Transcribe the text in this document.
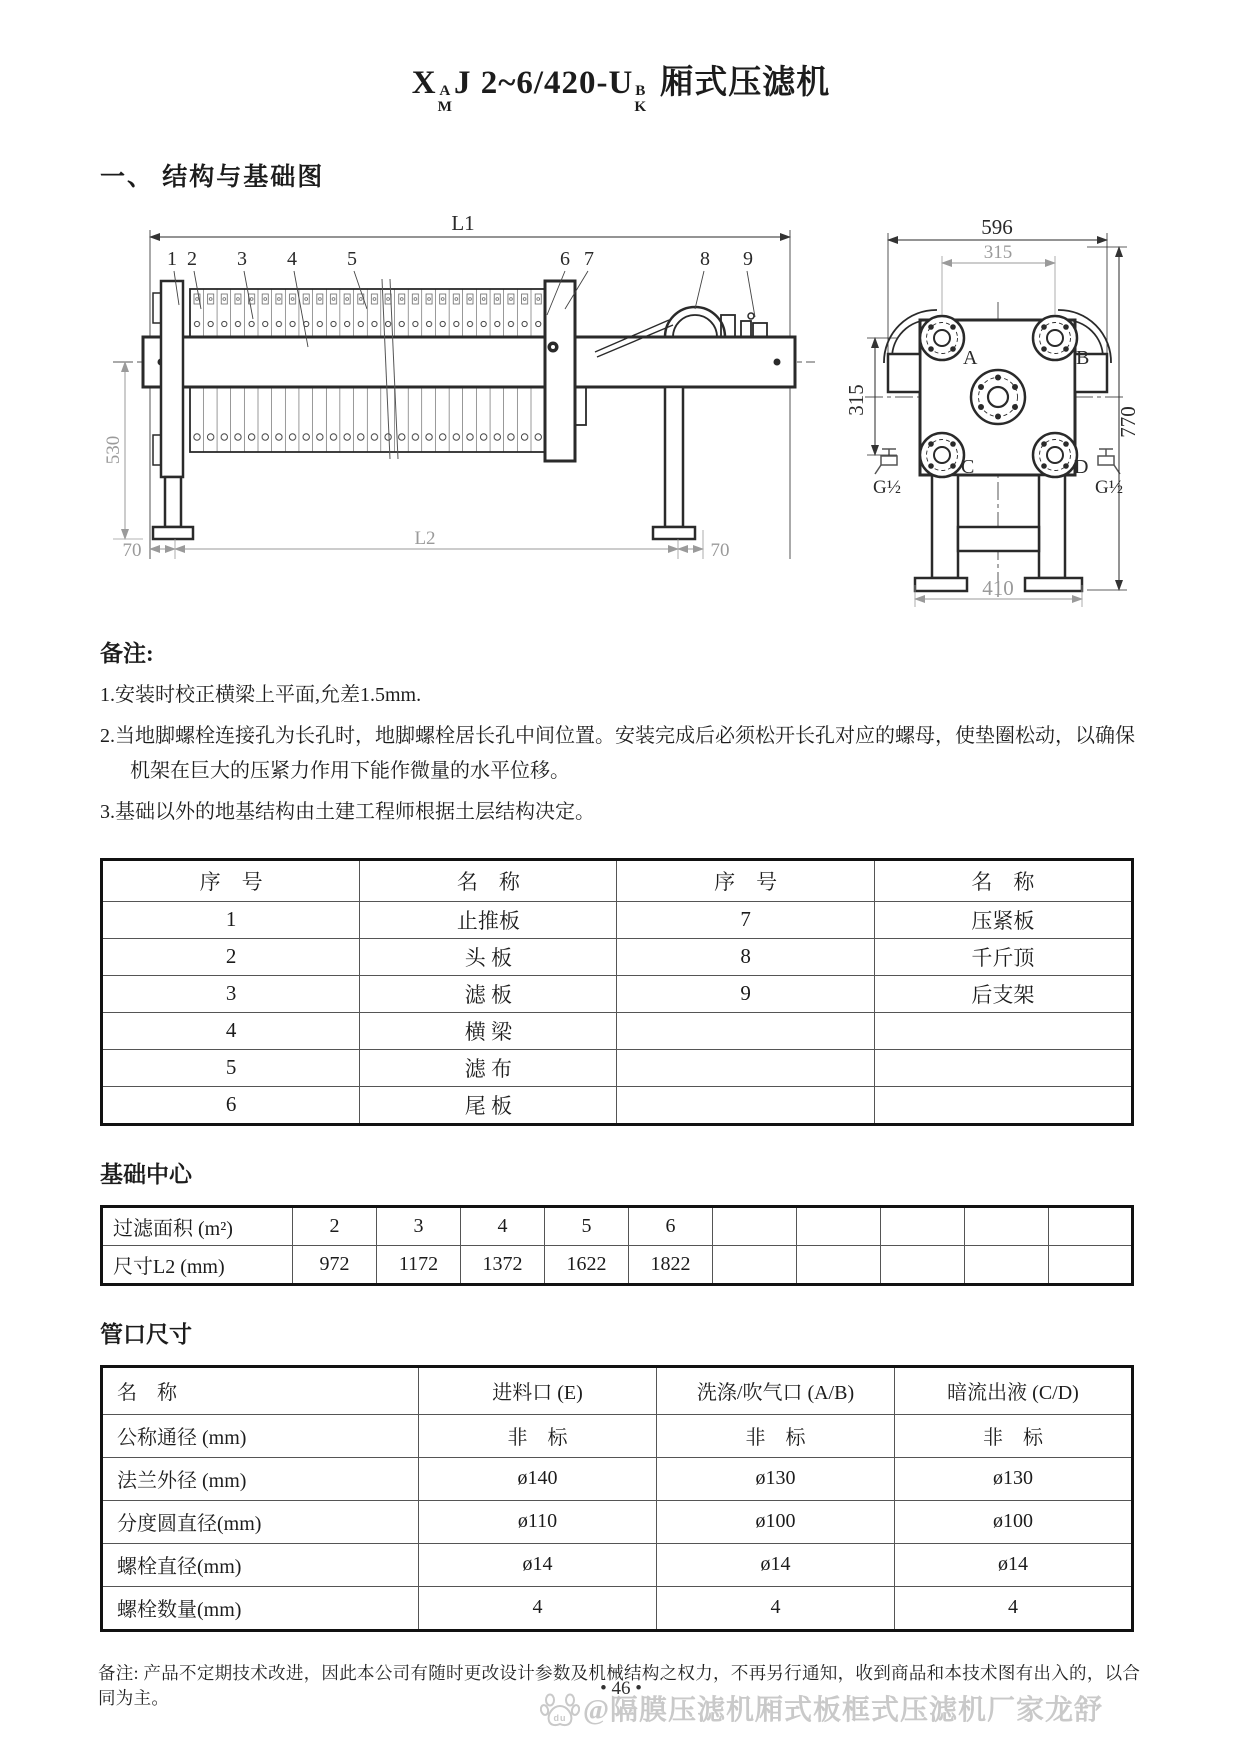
X A
M
J 2~6/420-U B
K
厢式压滤机
一、 结构与基础图
L1
1 2 3 4	5	6 7	8 9
530
70
L2
70
596
315
315
770
410
A	B
C	D
G½	G½
备注:

1.安装时校正横梁上平面,允差1.5mm.

2.当地脚螺栓连接孔为长孔时，地脚螺栓居长孔中间位置。安装完成后必须松开长孔对应的螺母，使垫圈松动，以确保机架在巨大的压紧力作用下能作微量的水平位移。

3.基础以外的地基结构由土建工程师根据土层结构决定。

序　号	名　称	序　号	名　称
1	止推板	7	压紧板
2	头 板	8	千斤顶
3	滤 板	9	后支架
4	横 梁		
5	滤 布		
6	尾 板		
基础中心
过滤面积 (m²)	2	3	4	5	6					
尺寸L2 (mm)	972	1172	1372	1622	1822					
管口尺寸
名　称	进料口 (E)	洗涤/吹气口 (A/B)	暗流出液 (C/D)
公称通径 (mm)	非　标	非　标	非　标
法兰外径 (mm)	ø140	ø130	ø130
分度圆直径(mm)	ø110	ø100	ø100
螺栓直径(mm)	ø14	ø14	ø14
螺栓数量(mm)	4	4	4

备注: 产品不定期技术改进，因此本公司有随时更改设计参数及机械结构之权力，不再另行通知，收到商品和本技术图有出入的，以合同为主。	• 46 •
du @隔膜压滤机厢式板框式压滤机厂家龙舒
